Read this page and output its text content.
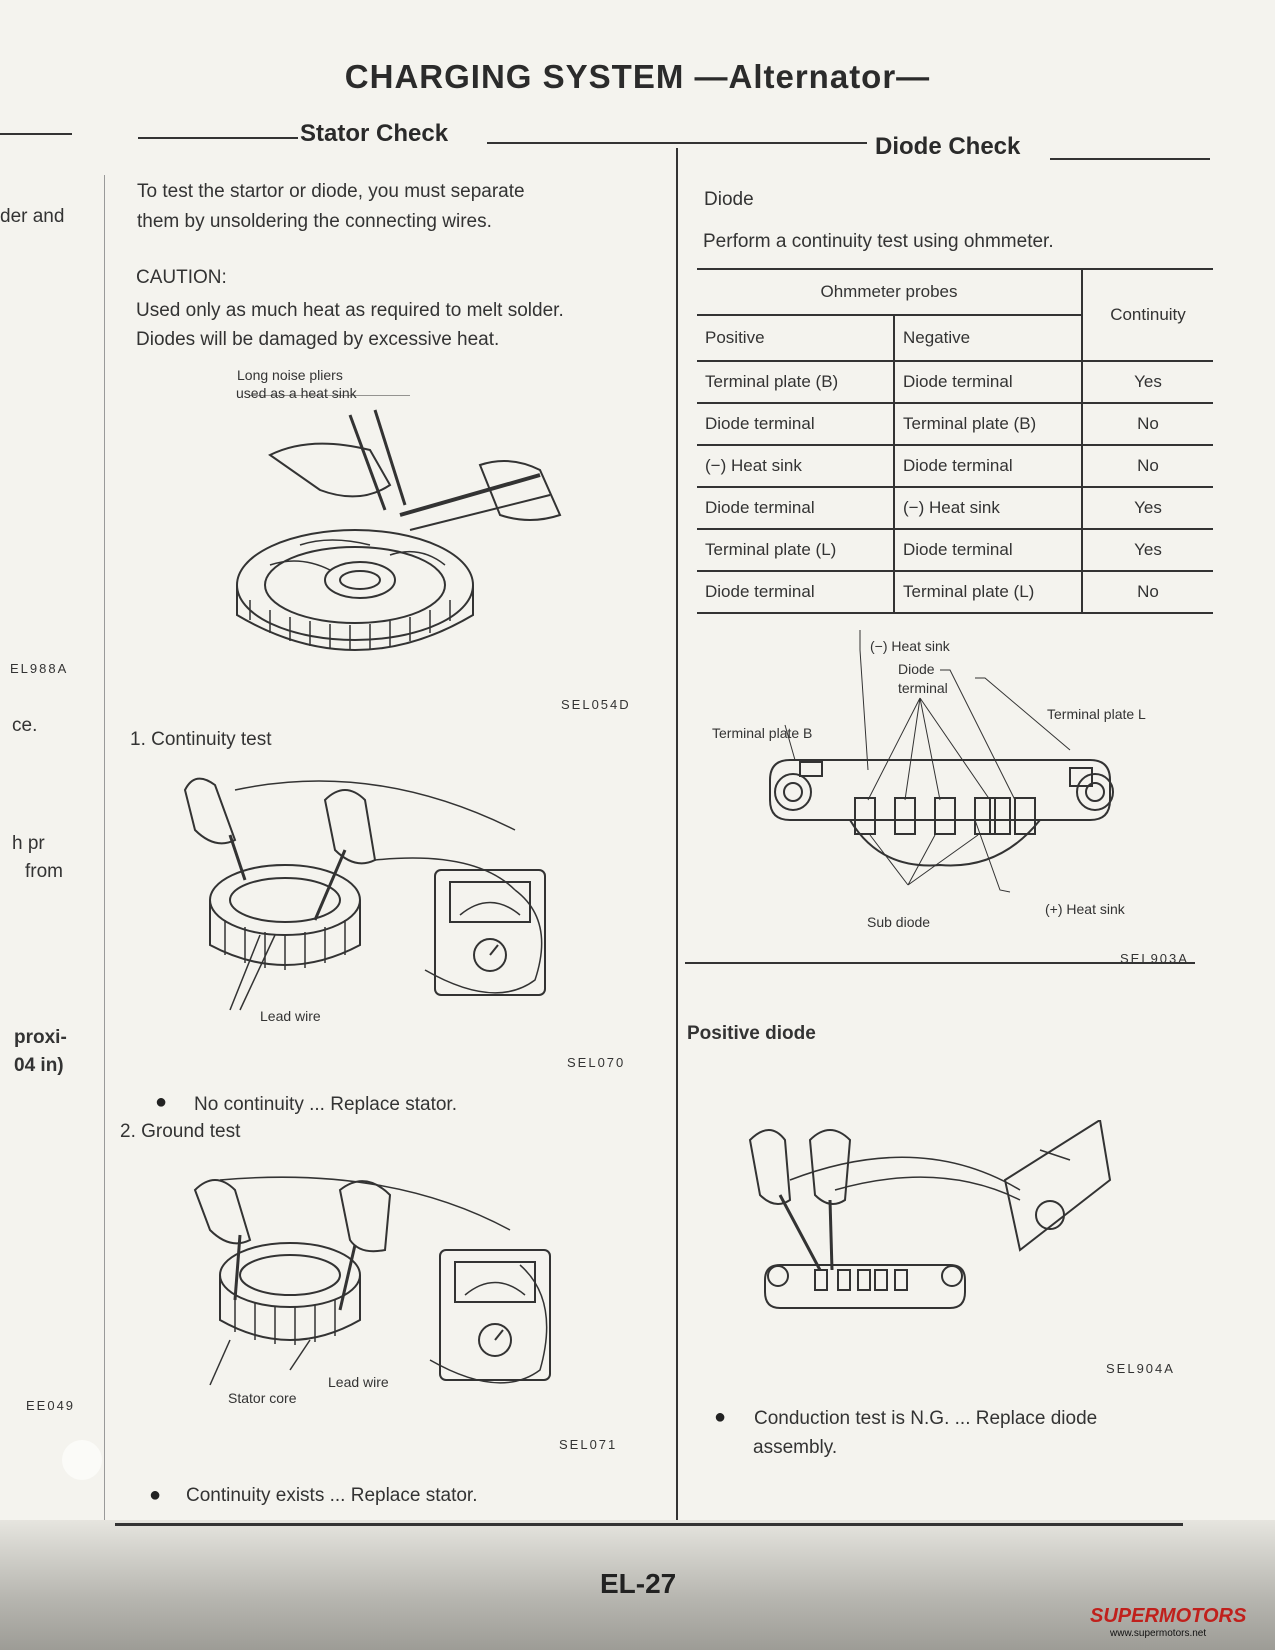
CHARGING SYSTEM —Alternator—
der and
EL988A
ce.
h pr
from
proxi-
04 in)
EE049
Stator Check
To test the startor or diode, you must separate
them by unsoldering the connecting wires.
CAUTION:
Used only as much heat as required to melt solder.
Diodes will be damaged by excessive heat.
Long noise pliers
used as a heat sink
SEL054D
1. Continuity test
Lead wire
SEL070
● No continuity ... Replace stator.
2. Ground test
Stator core
Lead wire
SEL071
● Continuity exists ... Replace stator.
Diode Check
Diode
Perform a continuity test using ohmmeter.
Ohmmeter probes		Continuity
Positive	Negative	
Terminal plate (B)	Diode terminal	Yes
Diode terminal	Terminal plate (B)	No
(−) Heat sink	Diode terminal	No
Diode terminal	(−) Heat sink	Yes
Terminal plate (L)	Diode terminal	Yes
Diode terminal	Terminal plate (L)	No
(−) Heat sink
Diode
terminal
Terminal plate B
Terminal plate L
Sub diode
(+) Heat sink
SEL903A
Positive diode
SEL904A
● Conduction test is N.G. ... Replace diode
assembly.
EL-27
SUPERMOTORS
www.supermotors.net
